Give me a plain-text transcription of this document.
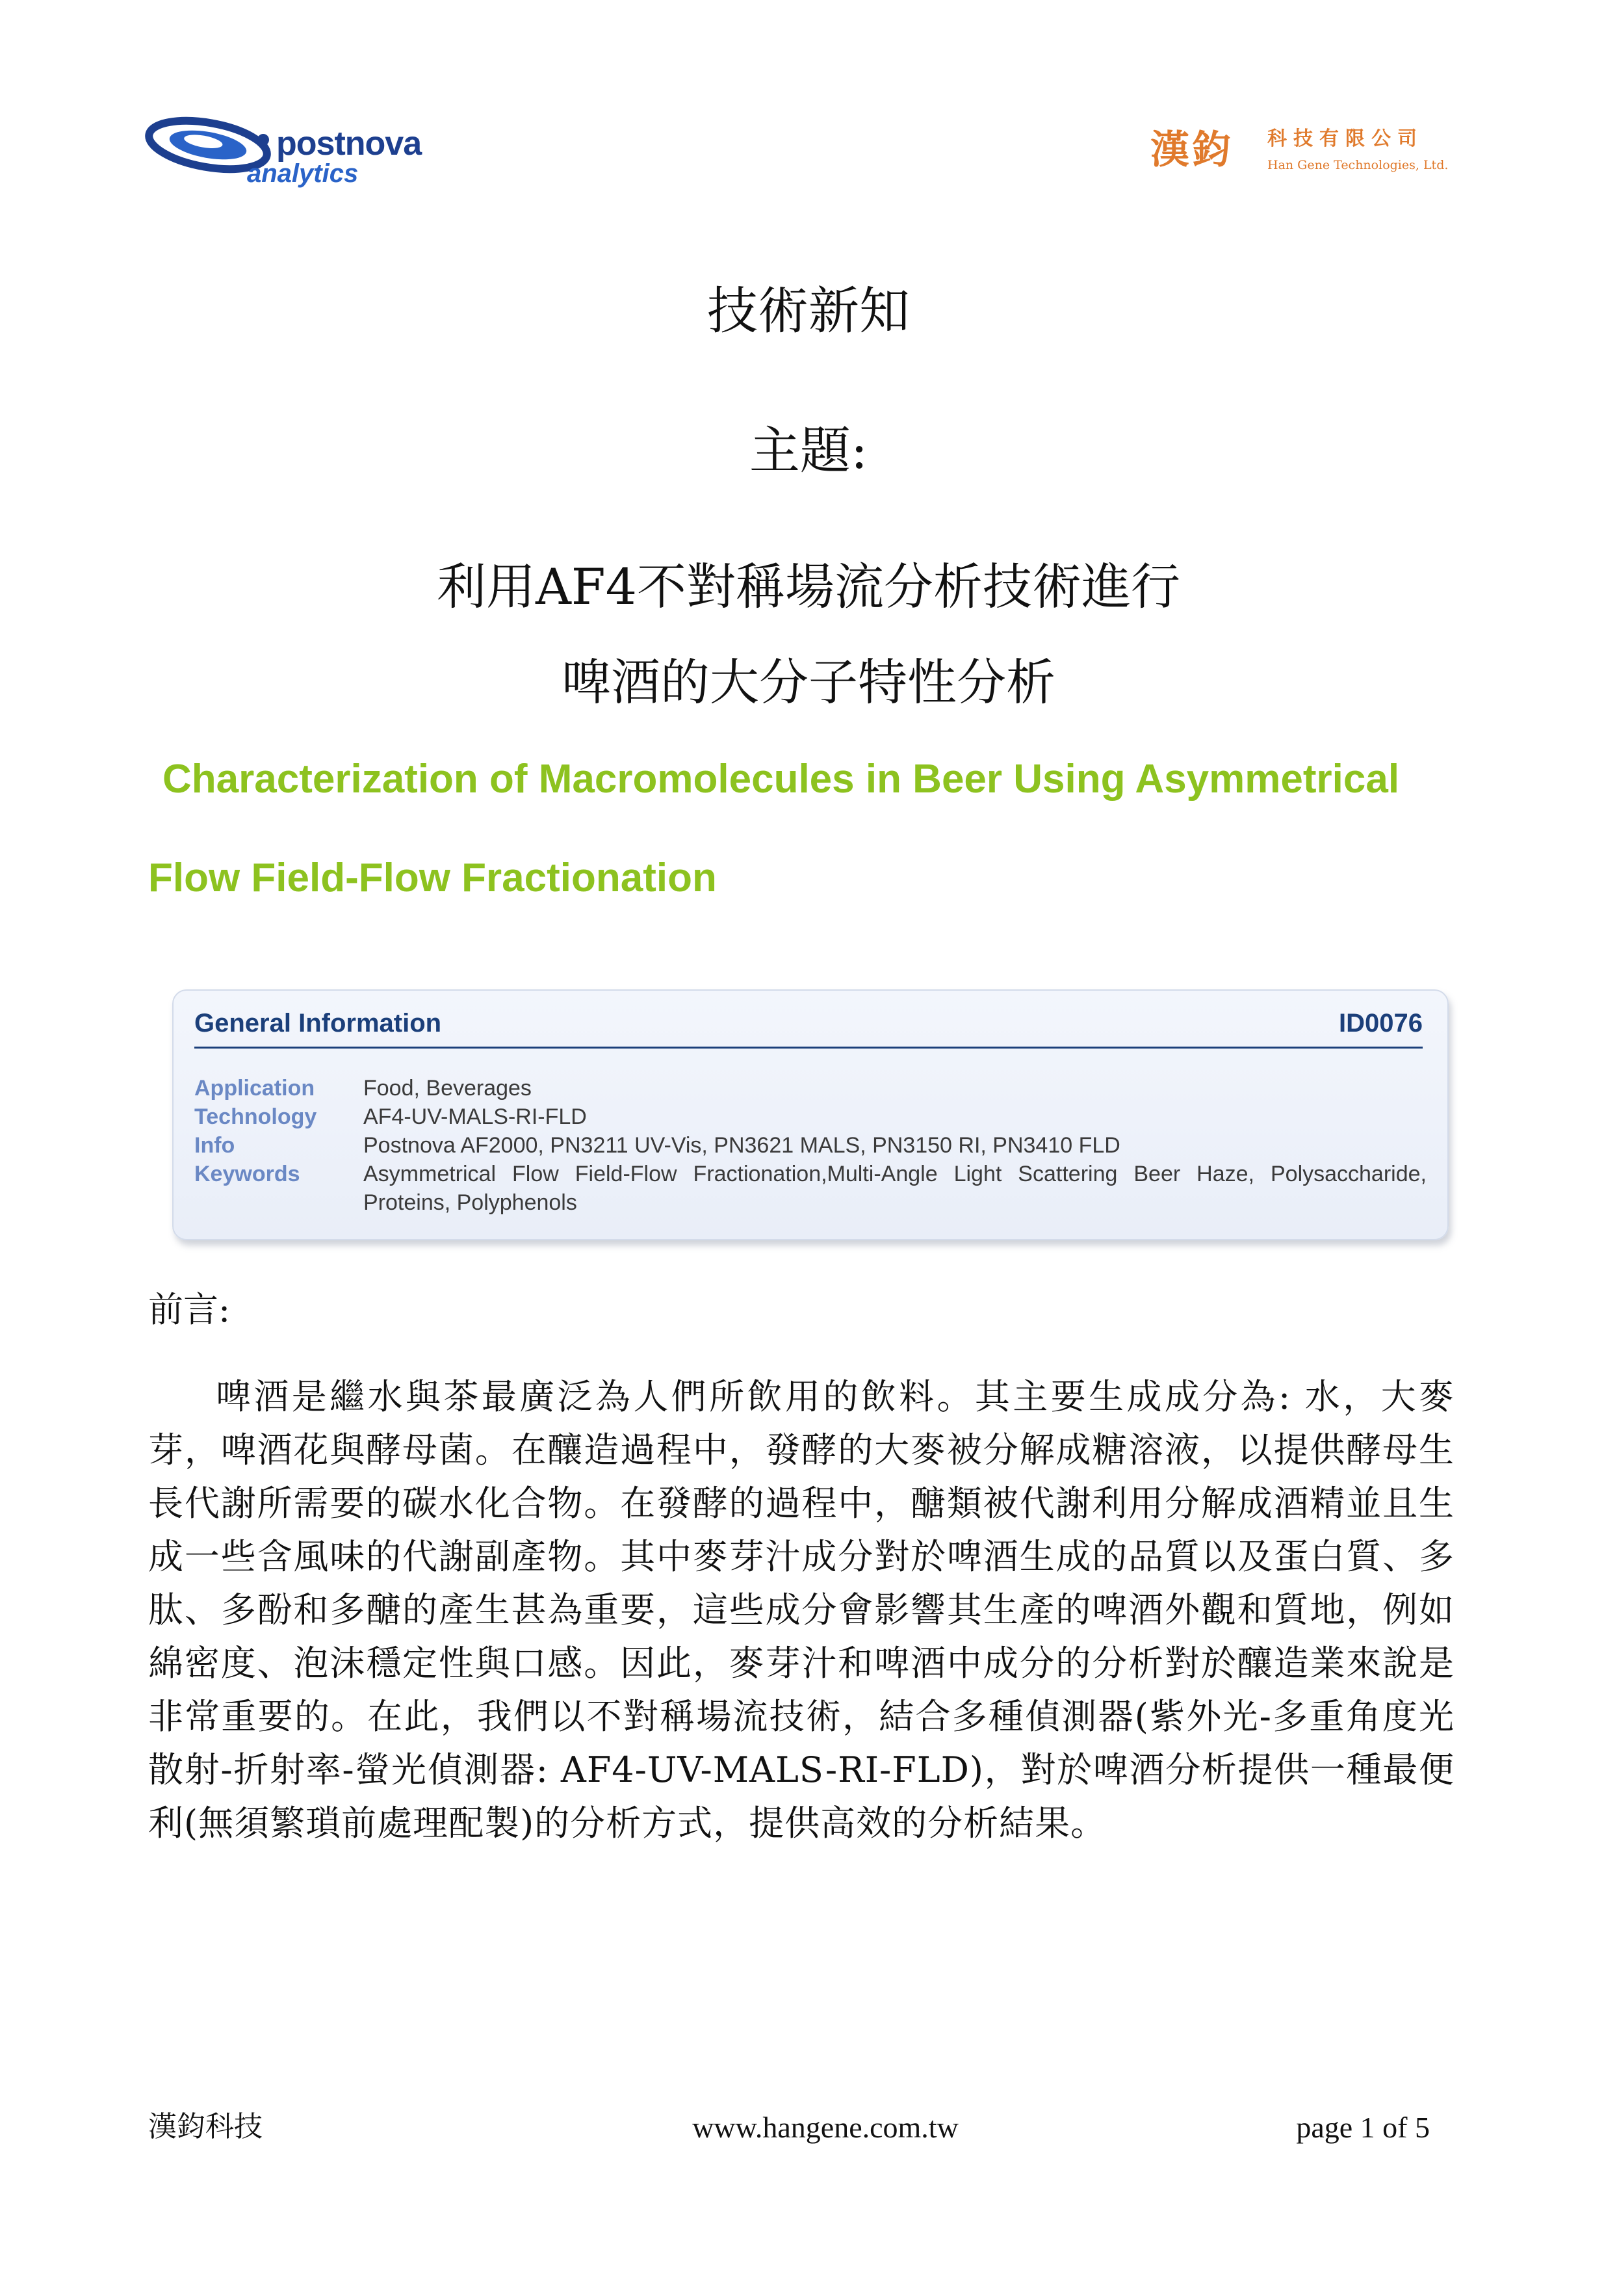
postnova
analytics
漢鈞 科技有限公司
Han Gene Technologies, Ltd.
技術新知
主題:
利用AF4不對稱場流分析技術進行
啤酒的大分子特性分析
Characterization of Macromolecules in Beer Using Asymmetrical
Flow Field-Flow Fractionation
General Information	ID0076
Application Food, Beverages
Technology AF4-UV-MALS-RI-FLD
Info	Postnova AF2000, PN3211 UV-Vis, PN3621 MALS, PN3150 RI, PN3410 FLD
Keywords	Asymmetrical Flow Field-Flow Fractionation,Multi-Angle Light Scattering Beer Haze, Polysaccharide, Proteins, Polyphenols
前言:
啤酒是繼水與茶最廣泛為人們所飲用的飲料。其主要生成成分為: 水，大麥芽，啤酒花與酵母菌。在釀造過程中，發酵的大麥被分解成糖溶液，以提供酵母生長代謝所需要的碳水化合物。在發酵的過程中，醣類被代謝利用分解成酒精並且生成一些含風味的代謝副產物。其中麥芽汁成分對於啤酒生成的品質以及蛋白質、多肽、多酚和多醣的產生甚為重要，這些成分會影響其生產的啤酒外觀和質地，例如綿密度、泡沫穩定性與口感。因此，麥芽汁和啤酒中成分的分析對於釀造業來說是非常重要的。在此，我們以不對稱場流技術，結合多種偵測器(紫外光-多重角度光散射-折射率-螢光偵測器: AF4-UV-MALS-RI-FLD)，對於啤酒分析提供一種最便利(無須繁瑣前處理配製)的分析方式，提供高效的分析結果。
漢鈞科技	www.hangene.com.tw	page 1 of 5
